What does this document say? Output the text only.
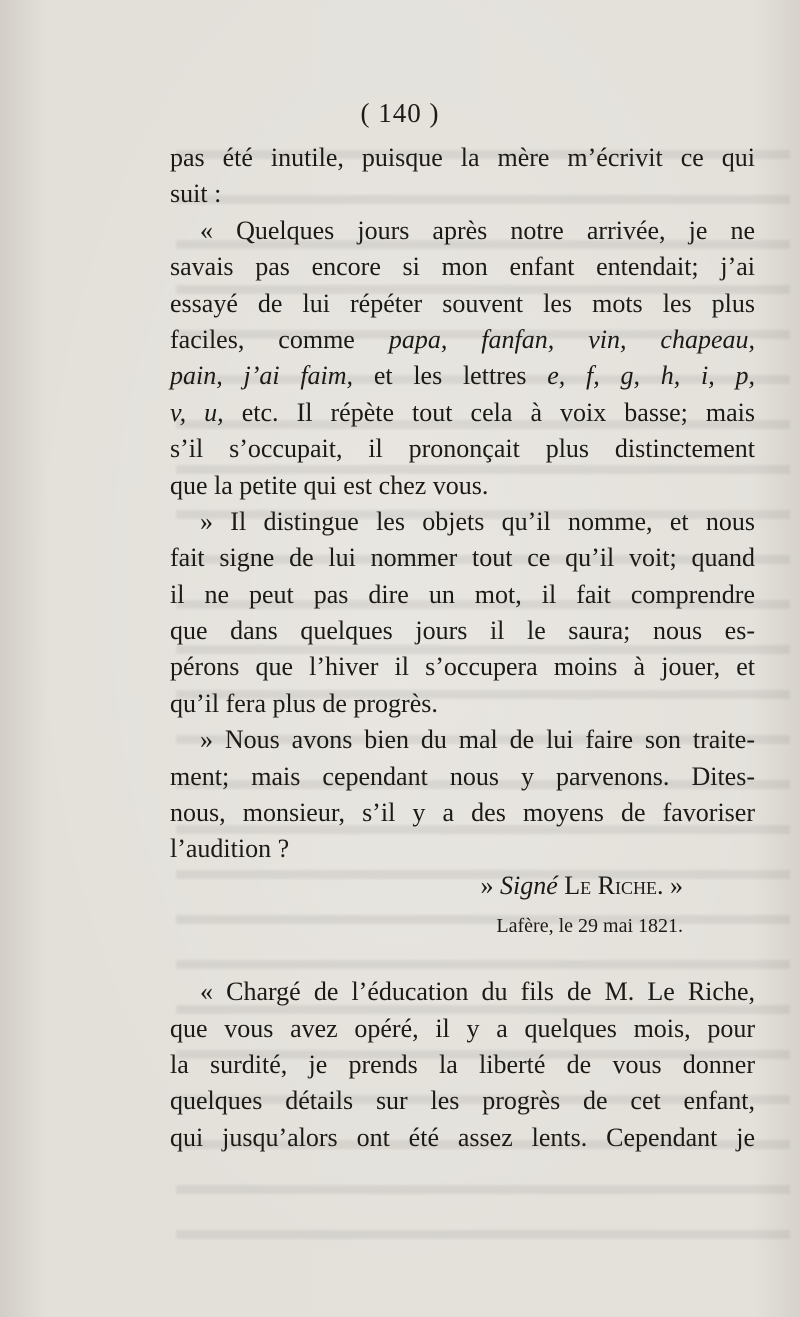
( 140 )
pas été inutile, puisque la mère m’écrivit ce qui
suit :
« Quelques jours après notre arrivée, je ne
savais pas encore si mon enfant entendait; j’ai
essayé de lui répéter souvent les mots les plus
faciles, comme papa, fanfan, vin, chapeau,
pain, j’ai faim, et les lettres e, f, g, h, i, p,
v, u, etc. Il répète tout cela à voix basse; mais
s’il s’occupait, il prononçait plus distinctement
que la petite qui est chez vous.
» Il distingue les objets qu’il nomme, et nous
fait signe de lui nommer tout ce qu’il voit; quand
il ne peut pas dire un mot, il fait comprendre
que dans quelques jours il le saura; nous es-
pérons que l’hiver il s’occupera moins à jouer, et
qu’il fera plus de progrès.
» Nous avons bien du mal de lui faire son traite-
ment; mais cependant nous y parvenons. Dites-
nous, monsieur, s’il y a des moyens de favoriser
l’audition ?
» Signé Le Riche. »
Lafère, le 29 mai 1821.
« Chargé de l’éducation du fils de M. Le Riche,
que vous avez opéré, il y a quelques mois, pour
la surdité, je prends la liberté de vous donner
quelques détails sur les progrès de cet enfant,
qui jusqu’alors ont été assez lents. Cependant je
